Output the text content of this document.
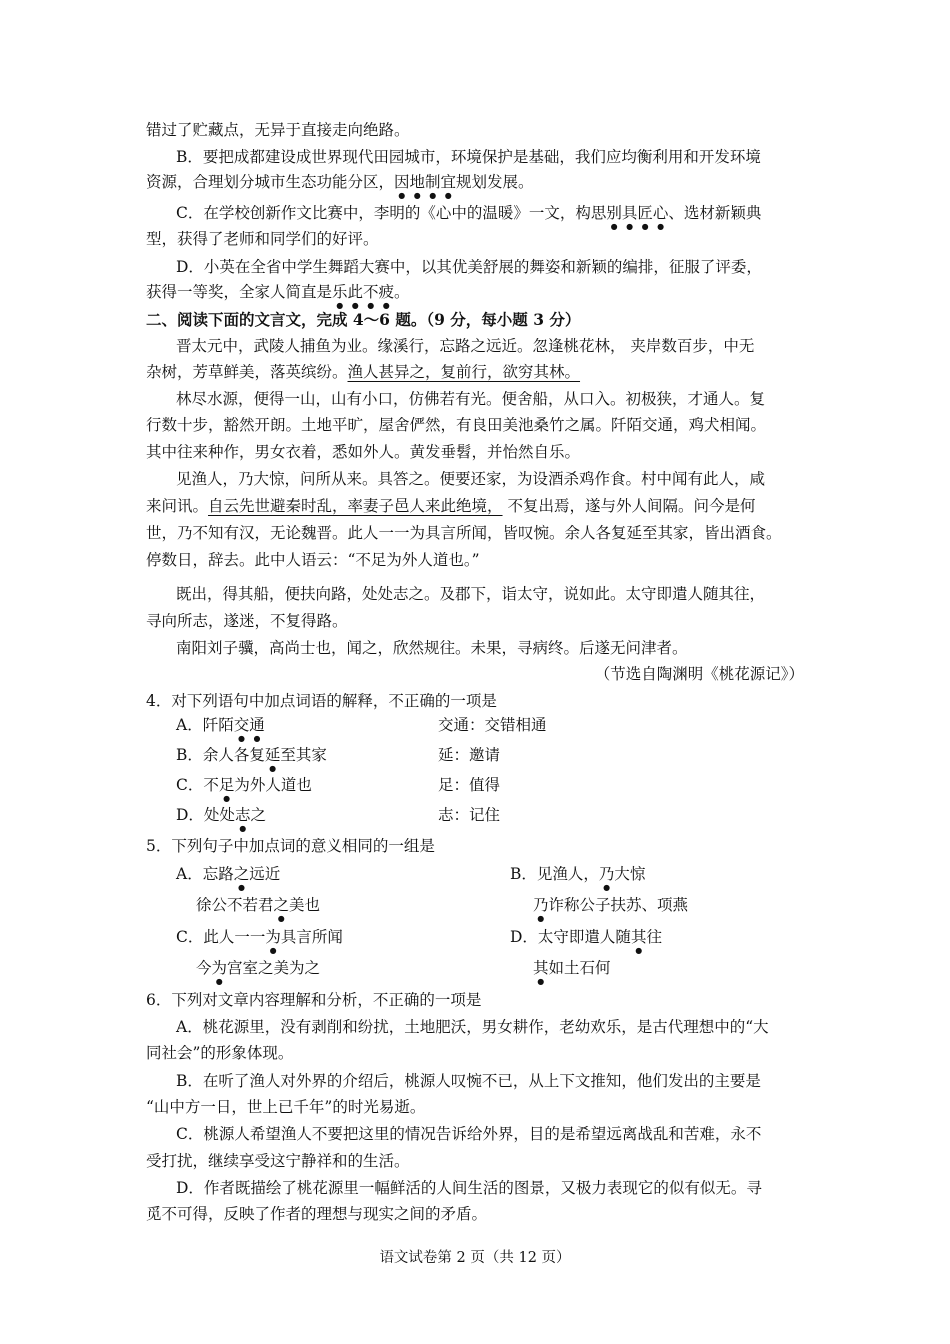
错过了贮藏点，无异于直接走向绝路。
B．要把成都建设成世界现代田园城市，环境保护是基础，我们应均衡利用和开发环境
资源，合理划分城市生态功能分区，因地制宜规划发展。
C．在学校创新作文比赛中，李明的《心中的温暖》一文，构思别具匠心、选材新颖典
型，获得了老师和同学们的好评。
D．小英在全省中学生舞蹈大赛中，以其优美舒展的舞姿和新颖的编排，征服了评委，
获得一等奖，全家人简直是乐此不疲。
二、阅读下面的文言文，完成 4～6 题。（9 分，每小题 3 分）
晋太元中，武陵人捕鱼为业。缘溪行，忘路之远近。忽逢桃花林， 夹岸数百步，中无
杂树，芳草鲜美，落英缤纷。渔人甚异之，复前行，欲穷其林。
林尽水源，便得一山，山有小口，仿佛若有光。便舍船，从口入。初极狭，才通人。复
行数十步，豁然开朗。土地平旷，屋舍俨然，有良田美池桑竹之属。阡陌交通，鸡犬相闻。
其中往来种作，男女衣着，悉如外人。黄发垂髫，并怡然自乐。
见渔人，乃大惊，问所从来。具答之。便要还家，为设酒杀鸡作食。村中闻有此人，咸
来问讯。自云先世避秦时乱，率妻子邑人来此绝境， 不复出焉，遂与外人间隔。问今是何
世，乃不知有汉，无论魏晋。此人一一为具言所闻，皆叹惋。余人各复延至其家，皆出酒食。
停数日，辞去。此中人语云：“不足为外人道也。”
既出，得其船，便扶向路，处处志之。及郡下，诣太守，说如此。太守即遣人随其往，
寻向所志，遂迷，不复得路。
南阳刘子骥，高尚士也，闻之，欣然规往。未果，寻病终。后遂无问津者。
（节选自陶渊明《桃花源记》）
4．对下列语句中加点词语的解释，不正确的一项是
A．阡陌交通	交通：交错相通
B．余人各复延至其家	延：邀请
C．不足为外人道也	足：值得
D．处处志之	志：记住
5．下列句子中加点词的意义相同的一组是
A．忘路之远近	B．见渔人，乃大惊
徐公不若君之美也	乃诈称公子扶苏、项燕
C．此人一一为具言所闻	D．太守即遣人随其往
今为宫室之美为之	其如土石何
6．下列对文章内容理解和分析，不正确的一项是
A．桃花源里，没有剥削和纷扰，土地肥沃，男女耕作，老幼欢乐，是古代理想中的“大
同社会”的形象体现。
B．在听了渔人对外界的介绍后，桃源人叹惋不已，从上下文推知，他们发出的主要是
“山中方一日，世上已千年”的时光易逝。
C．桃源人希望渔人不要把这里的情况告诉给外界，目的是希望远离战乱和苦难，永不
受打扰，继续享受这宁静祥和的生活。
D．作者既描绘了桃花源里一幅鲜活的人间生活的图景，又极力表现它的似有似无。寻
觅不可得，反映了作者的理想与现实之间的矛盾。
语文试卷第 2 页（共 12 页）
